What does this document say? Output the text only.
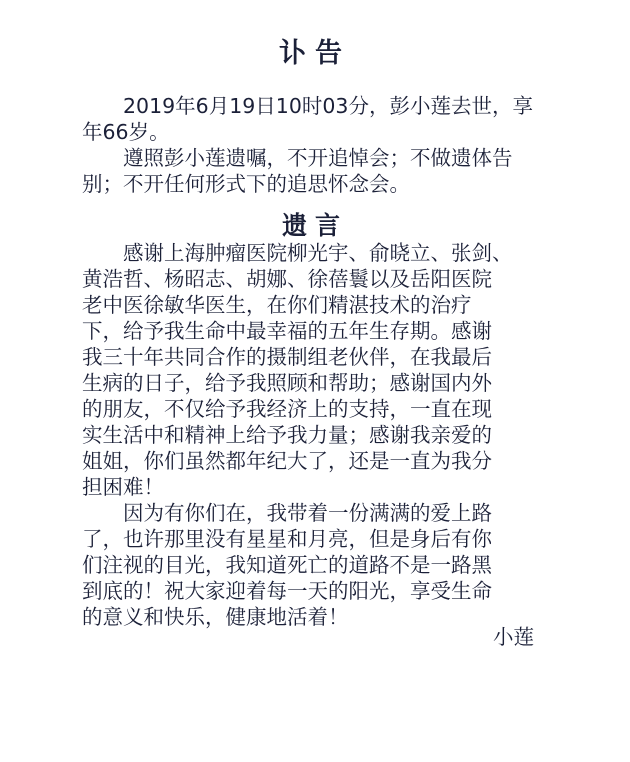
讣告
　　2019年6月19日10时03分，彭小莲去世，享
年66岁。
　　遵照彭小莲遗嘱，不开追悼会；不做遗体告
别；不开任何形式下的追思怀念会。
遗言
　　感谢上海肿瘤医院柳光宇、俞晓立、张剑、
黄浩哲、杨昭志、胡娜、徐蓓鬟以及岳阳医院
老中医徐敏华医生，在你们精湛技术的治疗
下，给予我生命中最幸福的五年生存期。感谢
我三十年共同合作的摄制组老伙伴，在我最后
生病的日子，给予我照顾和帮助；感谢国内外
的朋友，不仅给予我经济上的支持，一直在现
实生活中和精神上给予我力量；感谢我亲爱的
姐姐，你们虽然都年纪大了，还是一直为我分
担困难！
　　因为有你们在，我带着一份满满的爱上路
了，也许那里没有星星和月亮，但是身后有你
们注视的目光，我知道死亡的道路不是一路黑
到底的！祝大家迎着每一天的阳光，享受生命
的意义和快乐，健康地活着！
小莲
